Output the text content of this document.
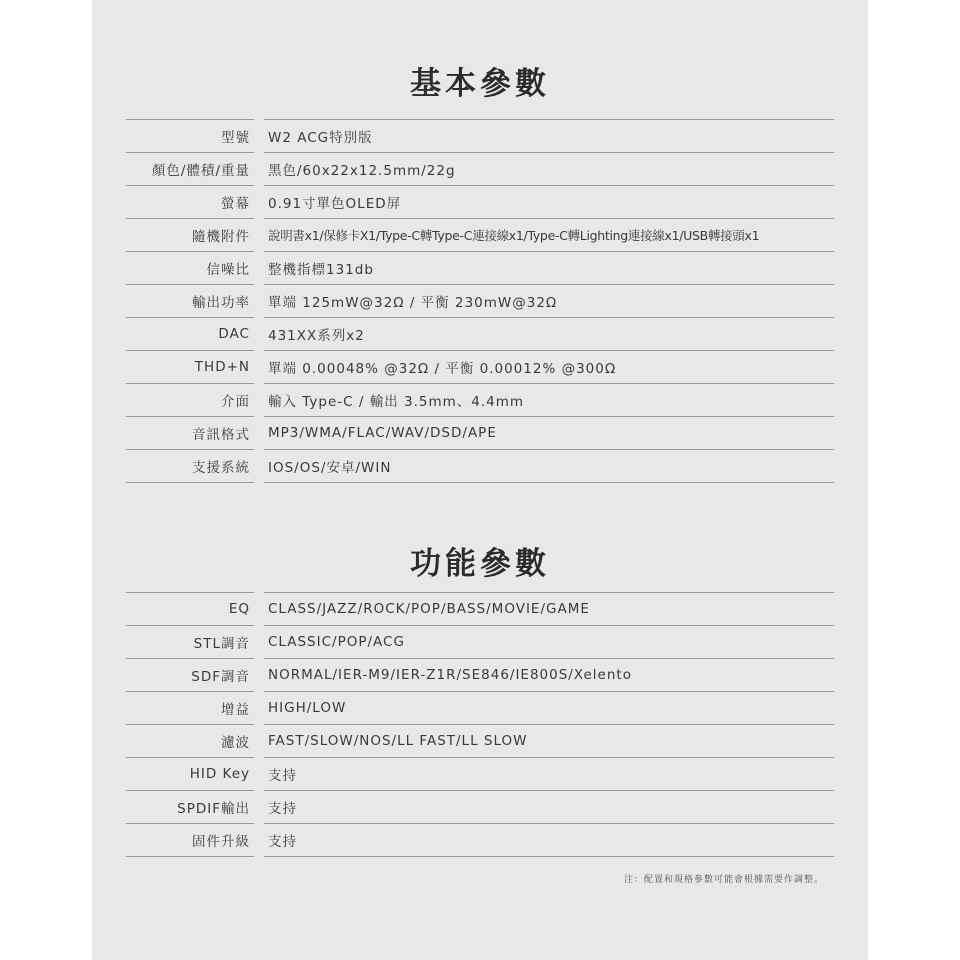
基本參數
型號 W2 ACG特別版
顏色/體積/重量 黑色/60x22x12.5mm/22g
螢幕 0.91寸單色OLED屏
隨機附件 說明書x1/保修卡X1/Type-C轉Type-C連接線x1/Type-C轉Lighting連接線x1/USB轉接頭x1
信噪比 整機指標131db
輸出功率 單端 125mW@32Ω / 平衡 230mW@32Ω
DAC 431XX系列x2
THD+N 單端 0.00048% @32Ω / 平衡 0.00012% @300Ω
介面 輸入 Type-C / 輸出 3.5mm、4.4mm
音訊格式 MP3/WMA/FLAC/WAV/DSD/APE
支援系統 IOS/OS/安卓/WIN
功能參數
EQ CLASS/JAZZ/ROCK/POP/BASS/MOVIE/GAME
STL調音 CLASSIC/POP/ACG
SDF調音 NORMAL/IER-M9/IER-Z1R/SE846/IE800S/Xelento
增益 HIGH/LOW
濾波 FAST/SLOW/NOS/LL FAST/LL SLOW
HID Key 支持
SPDIF輸出 支持
固件升級 支持
注：配置和規格參數可能會根據需要作調整。
